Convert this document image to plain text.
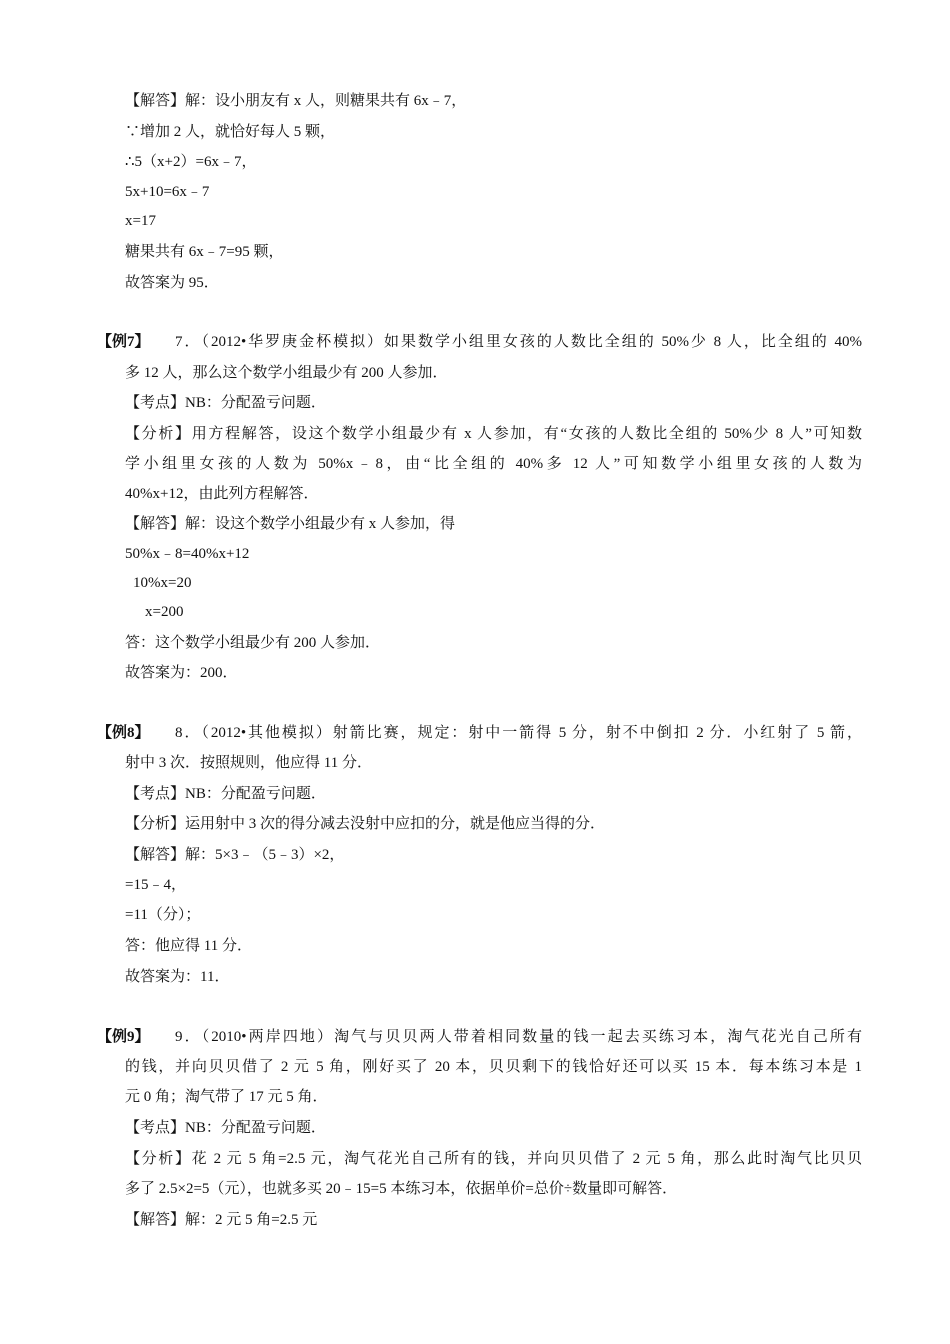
【解答】解：设小朋友有 x 人，则糖果共有 6x﹣7，
∵增加 2 人，就恰好每人 5 颗，
∴5（x+2）=6x﹣7，
5x+10=6x﹣7
x=17
糖果共有 6x﹣7=95 颗，
故答案为 95．
【例7】 7．（2012•华罗庚金杯模拟）如果数学小组里女孩的人数比全组的 50%少 8 人，比全组的 40%
多 12 人，那么这个数学小组最少有 200 人参加．
【考点】NB：分配盈亏问题．
【分析】用方程解答，设这个数学小组最少有 x 人参加，有“女孩的人数比全组的 50%少 8 人”可知数
学小组里女孩的人数为 50%x﹣8，由“比全组的 40%多 12 人”可知数学小组里女孩的人数为
40%x+12，由此列方程解答．
【解答】解：设这个数学小组最少有 x 人参加，得
50%x﹣8=40%x+12
10%x=20
x=200
答：这个数学小组最少有 200 人参加．
故答案为：200．
【例8】 8．（2012•其他模拟）射箭比赛，规定：射中一箭得 5 分，射不中倒扣 2 分．小红射了 5 箭，
射中 3 次．按照规则，他应得 11 分．
【考点】NB：分配盈亏问题．
【分析】运用射中 3 次的得分减去没射中应扣的分，就是他应当得的分．
【解答】解：5×3﹣（5﹣3）×2，
=15﹣4，
=11（分）；
答：他应得 11 分．
故答案为：11．
【例9】 9．（2010•两岸四地）淘气与贝贝两人带着相同数量的钱一起去买练习本，淘气花光自己所有
的钱，并向贝贝借了 2 元 5 角，刚好买了 20 本，贝贝剩下的钱恰好还可以买 15 本．每本练习本是 1
元 0 角；淘气带了 17 元 5 角．
【考点】NB：分配盈亏问题．
【分析】花 2 元 5 角=2.5 元，淘气花光自己所有的钱，并向贝贝借了 2 元 5 角，那么此时淘气比贝贝
多了 2.5×2=5（元），也就多买 20﹣15=5 本练习本，依据单价=总价÷数量即可解答．
【解答】解：2 元 5 角=2.5 元
